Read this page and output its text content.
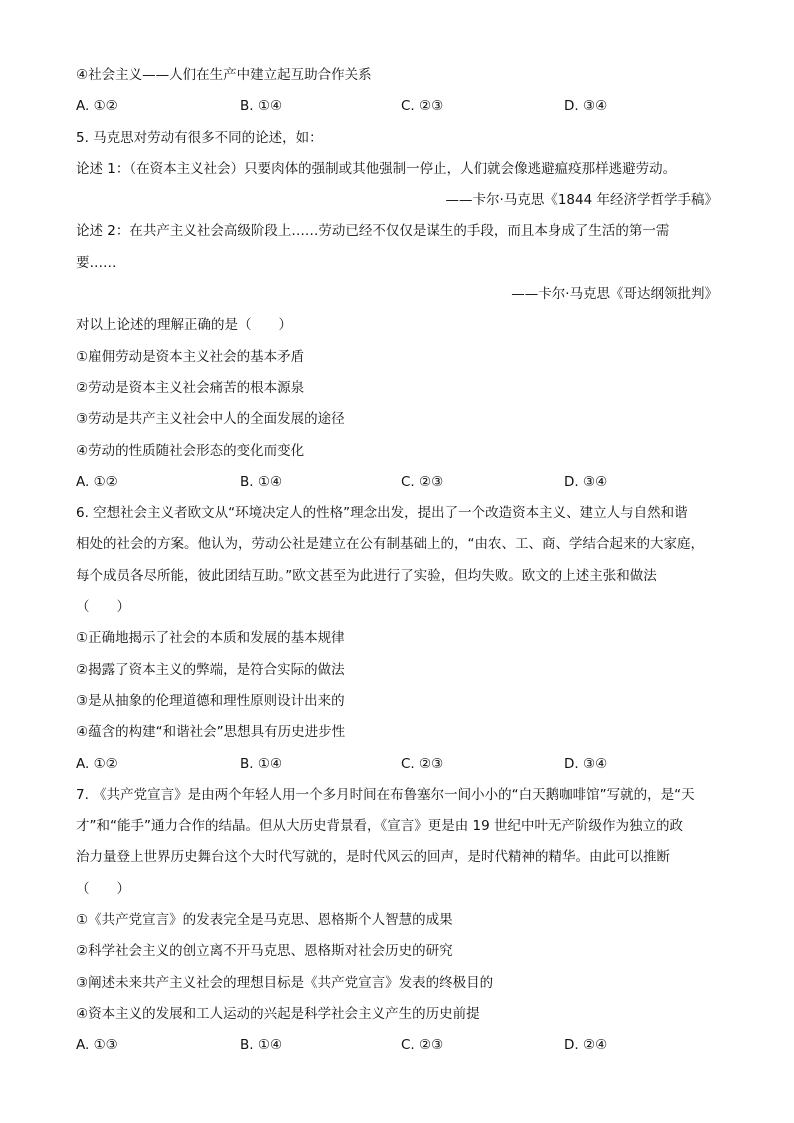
④社会主义——人们在生产中建立起互助合作关系
A. ①②	B. ①④	C. ②③	D. ③④
5. 马克思对劳动有很多不同的论述，如：
论述 1：（在资本主义社会）只要肉体的强制或其他强制一停止，人们就会像逃避瘟疫那样逃避劳动。
——卡尔·马克思《1844 年经济学哲学手稿》
论述 2：在共产主义社会高级阶段上……劳动已经不仅仅是谋生的手段，而且本身成了生活的第一需
要……
——卡尔·马克思《哥达纲领批判》
对以上论述的理解正确的是（　　）
①雇佣劳动是资本主义社会的基本矛盾
②劳动是资本主义社会痛苦的根本源泉
③劳动是共产主义社会中人的全面发展的途径
④劳动的性质随社会形态的变化而变化
A. ①②	B. ①④	C. ②③	D. ③④
6. 空想社会主义者欧文从“环境决定人的性格”理念出发，提出了一个改造资本主义、建立人与自然和谐
相处的社会的方案。他认为，劳动公社是建立在公有制基础上的，“由农、工、商、学结合起来的大家庭，
每个成员各尽所能，彼此团结互助。”欧文甚至为此进行了实验，但均失败。欧文的上述主张和做法
（　　）
①正确地揭示了社会的本质和发展的基本规律
②揭露了资本主义的弊端，是符合实际的做法
③是从抽象的伦理道德和理性原则设计出来的
④蕴含的构建“和谐社会”思想具有历史进步性
A. ①②	B. ①④	C. ②③	D. ③④
7. 《共产党宣言》是由两个年轻人用一个多月时间在布鲁塞尔一间小小的“白天鹅咖啡馆”写就的，是“天
才”和“能手”通力合作的结晶。但从大历史背景看，《宣言》更是由 19 世纪中叶无产阶级作为独立的政
治力量登上世界历史舞台这个大时代写就的，是时代风云的回声，是时代精神的精华。由此可以推断
（　　）
①《共产党宣言》的发表完全是马克思、恩格斯个人智慧的成果
②科学社会主义的创立离不开马克思、恩格斯对社会历史的研究
③阐述未来共产主义社会的理想目标是《共产党宣言》发表的终极目的
④资本主义的发展和工人运动的兴起是科学社会主义产生的历史前提
A. ①③	B. ①④	C. ②③	D. ②④
